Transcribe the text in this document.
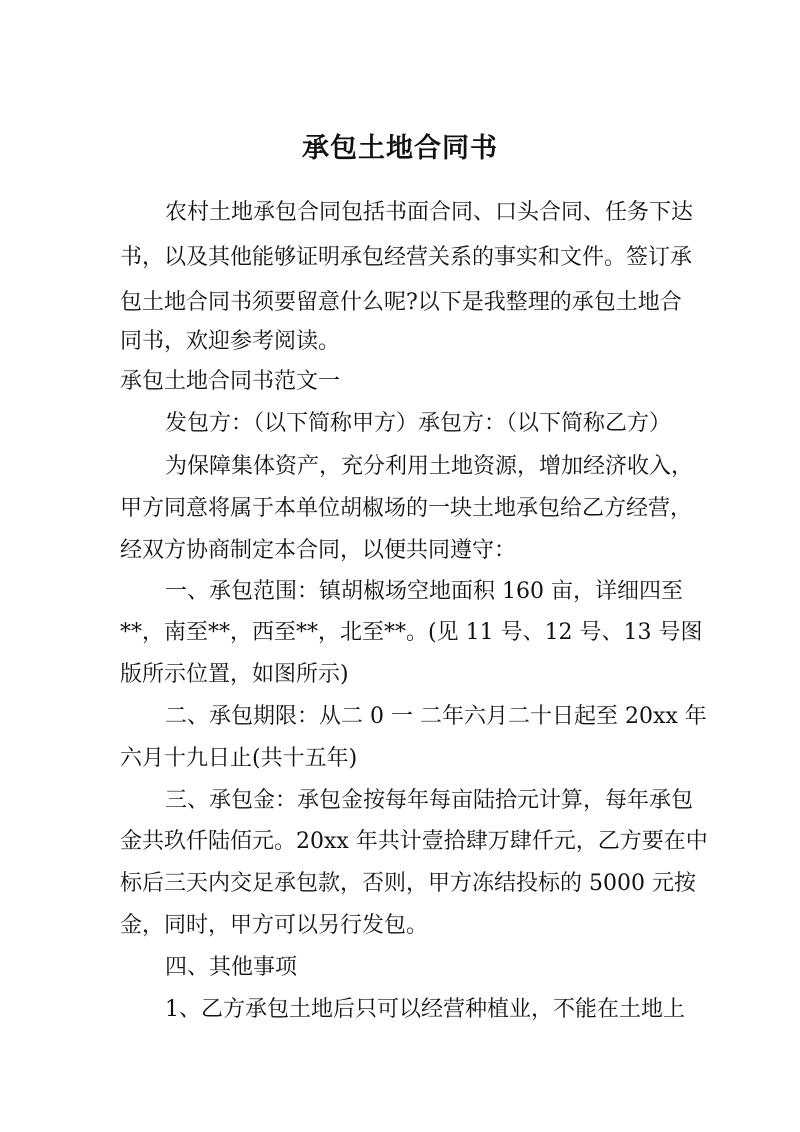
承包土地合同书
农村土地承包合同包括书面合同、口头合同、任务下达
书，以及其他能够证明承包经营关系的事实和文件。签订承
包土地合同书须要留意什么呢?以下是我整理的承包土地合
同书，欢迎参考阅读。
承包土地合同书范文一
发包方：（以下简称甲方）承包方：（以下简称乙方）
为保障集体资产，充分利用土地资源，增加经济收入，
甲方同意将属于本单位胡椒场的一块土地承包给乙方经营，
经双方协商制定本合同，以便共同遵守：
一、承包范围：镇胡椒场空地面积 160 亩，详细四至
**，南至**，西至**，北至**。(见 11 号、12 号、13 号图
版所示位置，如图所示)
二、承包期限：从二 0 一 二年六月二十日起至 20xx 年
六月十九日止(共十五年)
三、承包金：承包金按每年每亩陆拾元计算，每年承包
金共玖仟陆佰元。20xx 年共计壹拾肆万肆仟元，乙方要在中
标后三天内交足承包款，否则，甲方冻结投标的 5000 元按
金，同时，甲方可以另行发包。
四、其他事项
1、乙方承包土地后只可以经营种植业，不能在土地上
